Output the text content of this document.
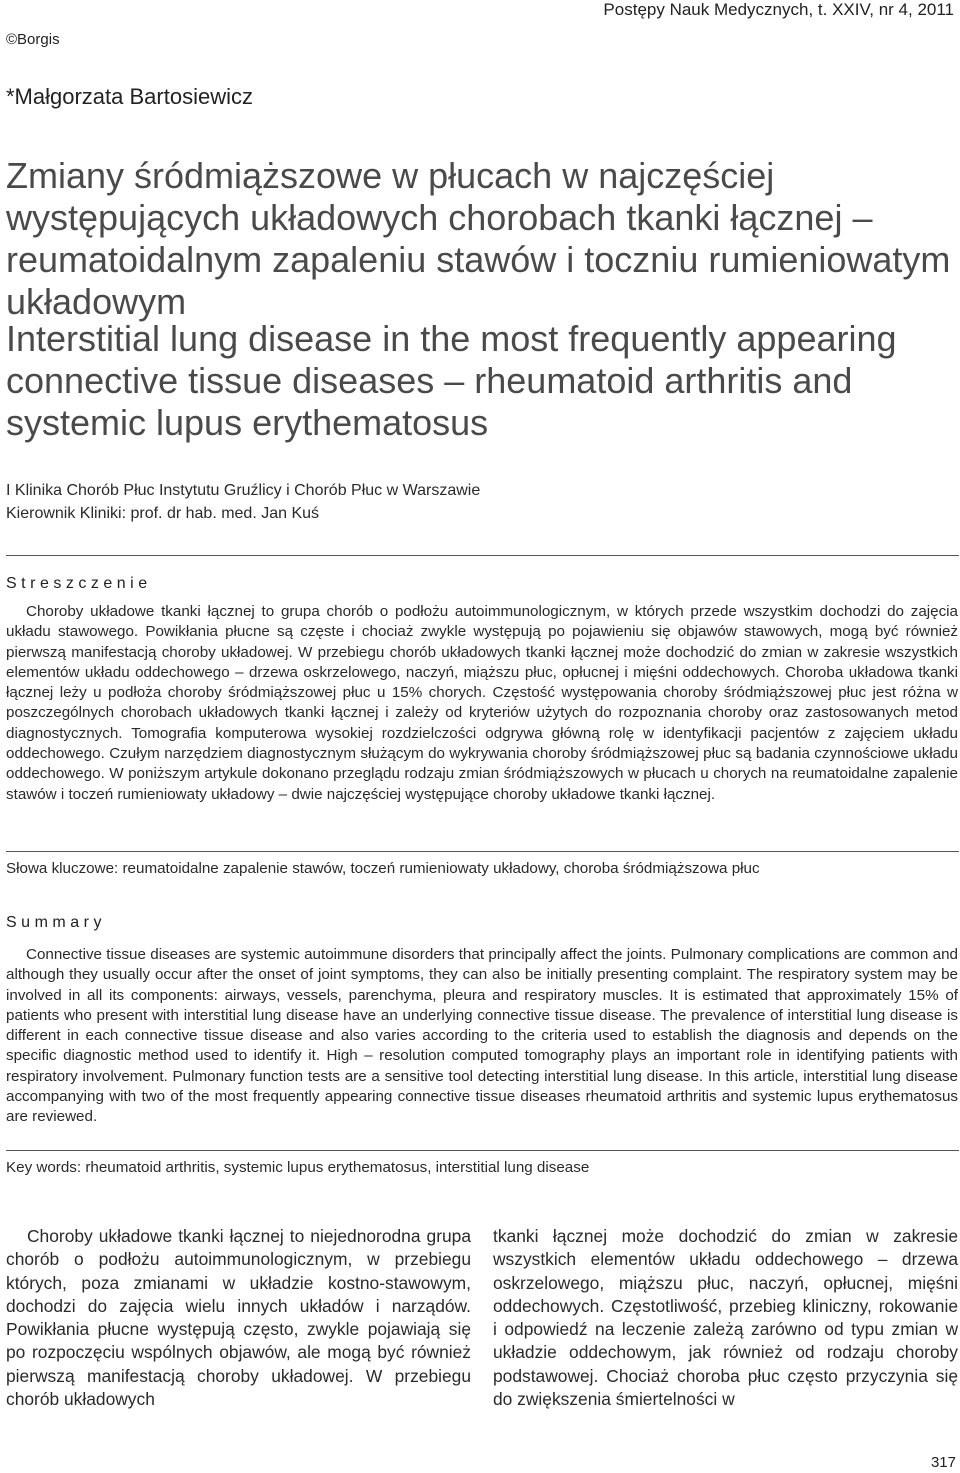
Postępy Nauk Medycznych, t. XXIV, nr 4, 2011
©Borgis
*Małgorzata Bartosiewicz
Zmiany śródmiąższowe w płucach w najczęściej występujących układowych chorobach tkanki łącznej – reumatoidalnym zapaleniu stawów i toczniu rumieniowatym układowym
Interstitial lung disease in the most frequently appearing connective tissue diseases – rheumatoid arthritis and systemic lupus erythematosus
I Klinika Chorób Płuc Instytutu Gruźlicy i Chorób Płuc w Warszawie
Kierownik Kliniki: prof. dr hab. med. Jan Kuś
Streszczenie

Choroby układowe tkanki łącznej to grupa chorób o podłożu autoimmunologicznym, w których przede wszystkim dochodzi do zajęcia układu stawowego. Powikłania płucne są częste i chociaż zwykle występują po pojawieniu się objawów stawowych, mogą być również pierwszą manifestacją choroby układowej. W przebiegu chorób układowych tkanki łącznej może dochodzić do zmian w zakresie wszystkich elementów układu oddechowego – drzewa oskrzelowego, naczyń, miąższu płuc, opłucnej i mięśni oddechowych. Choroba układowa tkanki łącznej leży u podłoża choroby śródmiąższowej płuc u 15% chorych. Częstość występowania choroby śródmiąższowej płuc jest różna w poszczególnych chorobach układowych tkanki łącznej i zależy od kryteriów użytych do rozpoznania choroby oraz zastosowanych metod diagnostycznych. Tomografia komputerowa wysokiej rozdzielczości odgrywa główną rolę w identyfikacji pacjentów z zajęciem układu oddechowego. Czułym narzędziem diagnostycznym służącym do wykrywania choroby śródmiąższowej płuc są badania czynnościowe układu oddechowego. W poniższym artykule dokonano przeglądu rodzaju zmian śródmiąższowych w płucach u chorych na reumatoidalne zapalenie stawów i toczeń rumieniowaty układowy – dwie najczęściej występujące choroby układowe tkanki łącznej.

Słowa kluczowe: reumatoidalne zapalenie stawów, toczeń rumieniowaty układowy, choroba śródmiąższowa płuc
Summary

Connective tissue diseases are systemic autoimmune disorders that principally affect the joints. Pulmonary complications are common and although they usually occur after the onset of joint symptoms, they can also be initially presenting complaint. The respiratory system may be involved in all its components: airways, vessels, parenchyma, pleura and respiratory muscles. It is estimated that approximately 15% of patients who present with interstitial lung disease have an underlying connective tissue disease. The prevalence of interstitial lung disease is different in each connective tissue disease and also varies according to the criteria used to establish the diagnosis and depends on the specific diagnostic method used to identify it. High – resolution computed tomography plays an important role in identifying patients with respiratory involvement. Pulmonary function tests are a sensitive tool detecting interstitial lung disease. In this article, interstitial lung disease accompanying with two of the most frequently appearing connective tissue diseases rheumatoid arthritis and systemic lupus erythematosus are reviewed.

Key words: rheumatoid arthritis, systemic lupus erythematosus, interstitial lung disease

Choroby układowe tkanki łącznej to niejednorodna grupa chorób o podłożu autoimmunologicznym, w przebiegu których, poza zmianami w układzie kostno-stawowym, dochodzi do zajęcia wielu innych układów i narządów. Powikłania płucne występują często, zwykle pojawiają się po rozpoczęciu wspólnych objawów, ale mogą być również pierwszą manifestacją choroby układowej. W przebiegu chorób układowych

tkanki łącznej może dochodzić do zmian w zakresie wszystkich elementów układu oddechowego – drzewa oskrzelowego, miąższu płuc, naczyń, opłucnej, mięśni oddechowych. Częstotliwość, przebieg kliniczny, rokowanie i odpowiedź na leczenie zależą zarówno od typu zmian w układzie oddechowym, jak również od rodzaju choroby podstawowej. Chociaż choroba płuc często przyczynia się do zwiększenia śmiertelności w

317
